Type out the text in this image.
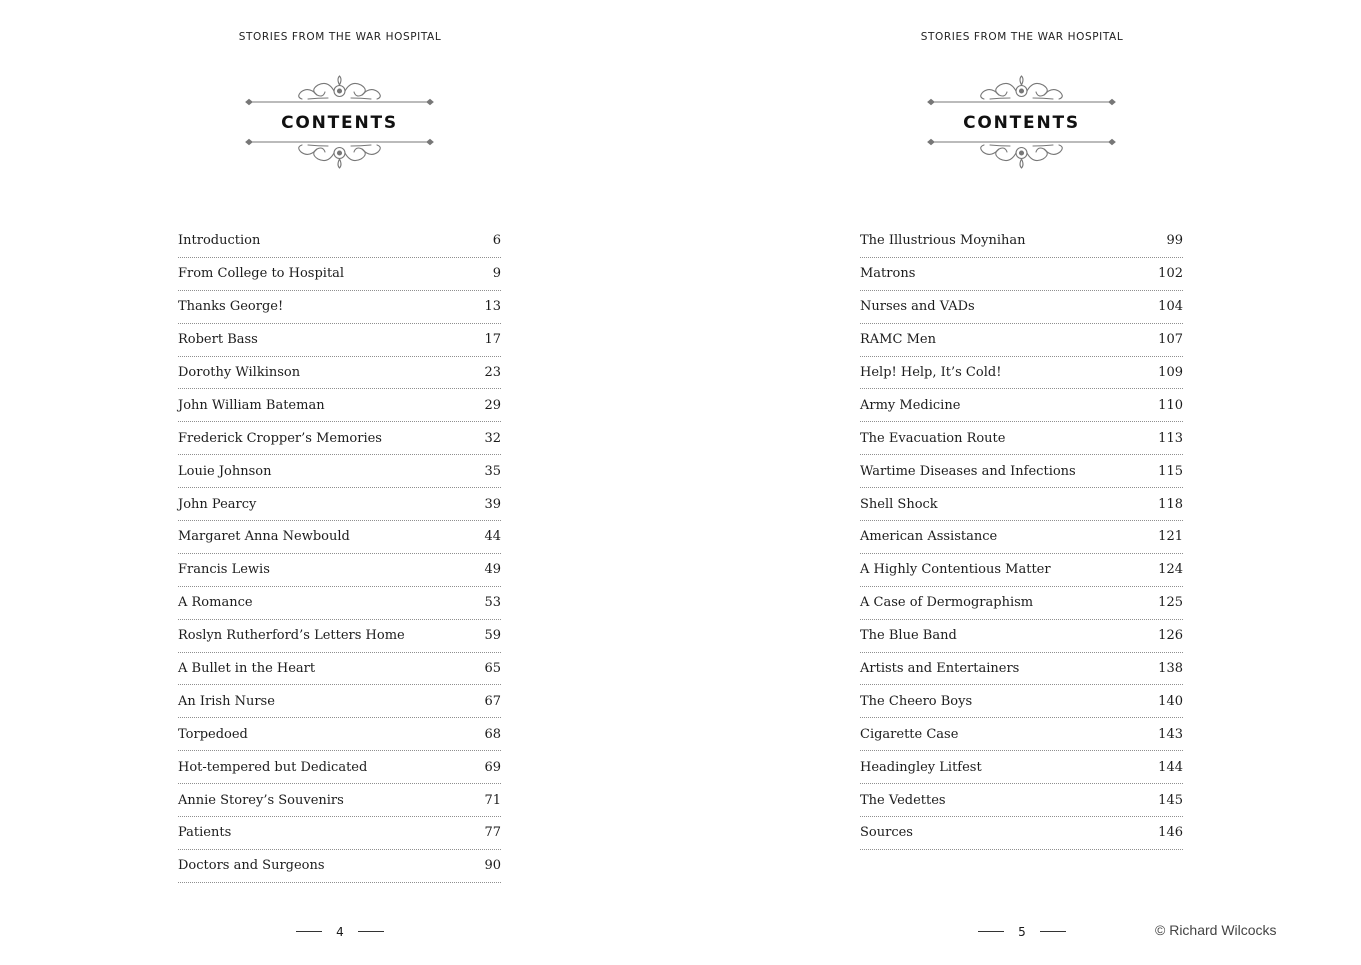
STORIES FROM THE WAR HOSPITAL
CONTENTS
Introduction	6
From College to Hospital	9
Thanks George!	13
Robert Bass	17
Dorothy Wilkinson	23
John William Bateman	29
Frederick Cropper’s Memories	32
Louie Johnson	35
John Pearcy	39
Margaret Anna Newbould	44
Francis Lewis	49
A Romance	53
Roslyn Rutherford’s Letters Home	59
A Bullet in the Heart	65
An Irish Nurse	67
Torpedoed	68
Hot-tempered but Dedicated	69
Annie Storey’s Souvenirs	71
Patients	77
Doctors and Surgeons	90
4
STORIES FROM THE WAR HOSPITAL
CONTENTS
The Illustrious Moynihan	99
Matrons	102
Nurses and VADs	104
RAMC Men	107
Help! Help, It’s Cold!	109
Army Medicine	110
The Evacuation Route	113
Wartime Diseases and Infections	115
Shell Shock	118
American Assistance	121
A Highly Contentious Matter	124
A Case of Dermographism	125
The Blue Band	126
Artists and Entertainers	138
The Cheero Boys	140
Cigarette Case	143
Headingley Litfest	144
The Vedettes	145
Sources	146
5	© Richard Wilcocks
